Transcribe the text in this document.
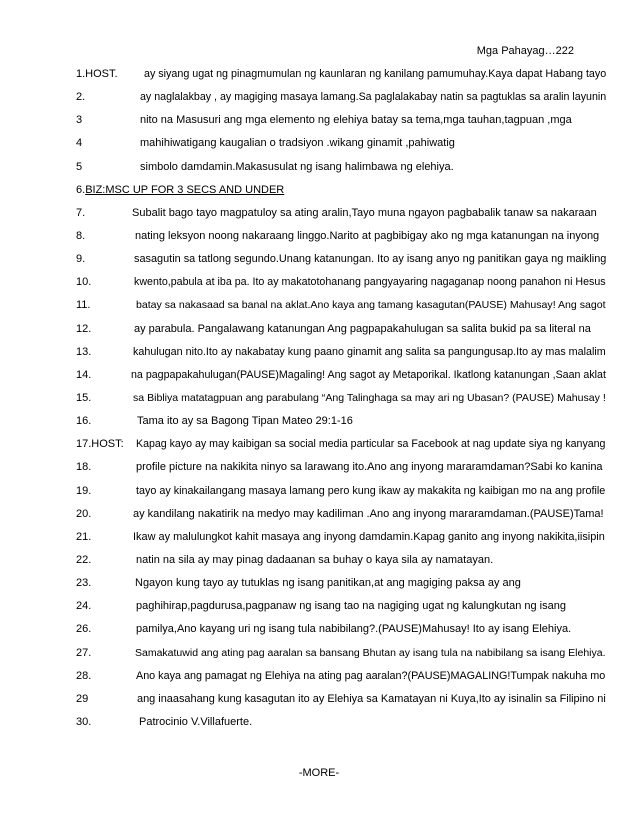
Mga Pahayag…222
1.HOST.	ay siyang ugat ng pinagmumulan ng kaunlaran ng kanilang pamumuhay.Kaya dapat Habang tayo
2.	ay naglalakbay , ay magiging masaya lamang.Sa paglalakabay natin sa pagtuklas sa aralin layunin
3	nito na Masusuri ang mga elemento ng elehiya batay sa tema,mga tauhan,tagpuan ,mga
4	mahihiwatigang kaugalian o tradsiyon .wikang ginamit ,pahiwatig
5	simbolo damdamin.Makasusulat ng isang halimbawa ng elehiya.
6. BIZ:MSC UP FOR 3 SECS AND UNDER
7.	Subalit bago tayo magpatuloy sa ating aralin,Tayo muna ngayon pagbabalik tanaw sa nakaraan
8.	nating leksyon noong nakaraang linggo.Narito at pagbibigay ako ng mga katanungan na inyong
9.	sasagutin sa tatlong segundo.Unang katanungan. Ito ay isang anyo ng panitikan gaya ng maikling
10.	kwento,pabula at iba pa. Ito ay makatotohanang pangyayaring nagaganap noong panahon ni Hesus
11.	batay sa nakasaad sa banal na aklat.Ano kaya ang tamang kasagutan(PAUSE) Mahusay! Ang sagot
12.	ay parabula. Pangalawang katanungan Ang pagpapakahulugan sa salita bukid pa sa literal na
13.	kahulugan nito.Ito ay nakabatay kung paano ginamit ang salita sa pangungusap.Ito ay mas malalim
14.	na pagpapakahulugan(PAUSE)Magaling! Ang sagot ay Metaporikal. Ikatlong katanungan ,Saan aklat
15.	sa Bibliya matatagpuan ang parabulang “Ang Talinghaga sa may ari ng Ubasan? (PAUSE) Mahusay !
16.	Tama ito ay sa Bagong Tipan Mateo 29:1-16
17.HOST:	Kapag kayo ay may kaibigan sa social media particular sa Facebook at nag update siya ng kanyang
18.	profile picture na nakikita ninyo sa larawang ito.Ano ang inyong mararamdaman?Sabi ko kanina
19.	tayo ay kinakailangang masaya lamang pero kung ikaw ay makakita ng kaibigan mo na ang profile
20.	ay kandilang nakatirik na medyo may kadiliman .Ano ang inyong mararamdaman.(PAUSE)Tama!
21.	Ikaw ay malulungkot kahit masaya ang inyong damdamin.Kapag ganito ang inyong nakikita,iisipin
22.	natin na sila ay may pinag dadaanan sa buhay o kaya sila ay namatayan.
23.	Ngayon kung tayo ay tutuklas ng isang panitikan,at ang magiging paksa ay ang
24.	paghihirap,pagdurusa,pagpanaw ng isang tao na nagiging ugat ng kalungkutan ng isang
26.	pamilya,Ano kayang uri ng isang tula nabibilang?.(PAUSE)Mahusay! Ito ay isang Elehiya.
27.	Samakatuwid ang ating pag aaralan sa bansang Bhutan ay isang tula na nabibilang sa isang Elehiya.
28.	Ano kaya ang pamagat ng Elehiya na ating pag aaralan?(PAUSE)MAGALING!Tumpak nakuha mo
29	ang inaasahang kung kasagutan ito ay Elehiya sa Kamatayan ni Kuya,Ito ay isinalin sa Filipino ni
30.	Patrocinio V.Villafuerte.
-MORE-
